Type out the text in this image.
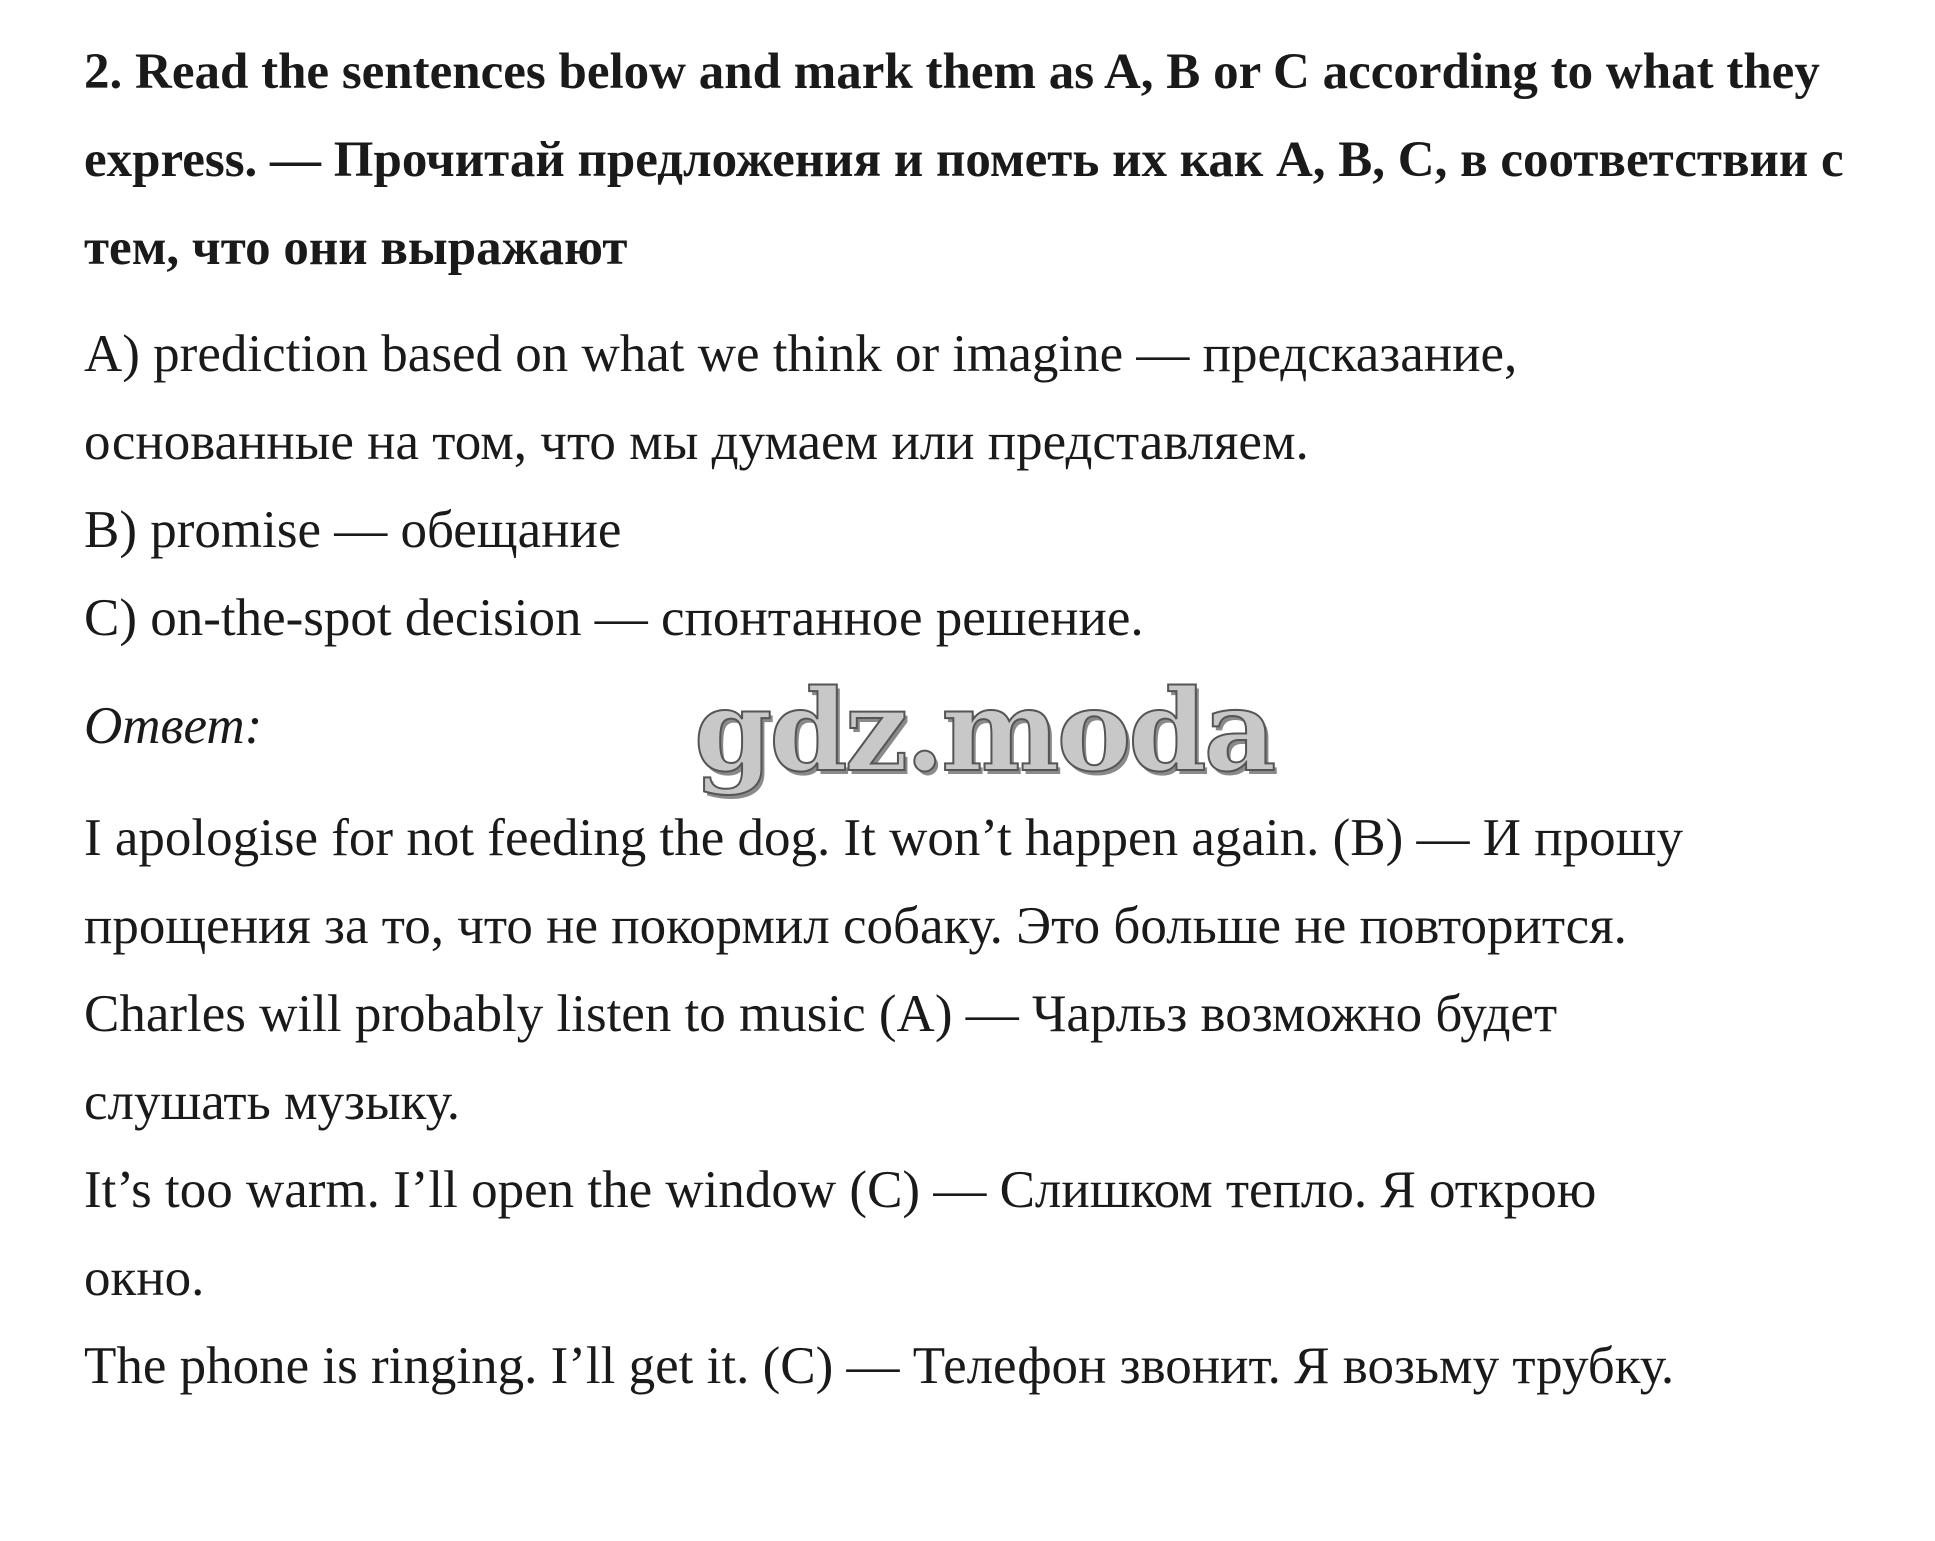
2. Read the sentences below and mark them as A, B or C according to what they express. — Прочитай предложения и пометь их как A, B, C, в соответствии с тем, что они выражают

A) prediction based on what we think or imagine — предсказание,
основанные на том, что мы думаем или представляем.
B) promise — обещание
C) on-the-spot decision — спонтанное решение.
Ответ:	gdz.moda
I apologise for not feeding the dog. It won’t happen again. (B) — И прошу
прощения за то, что не покормил собаку. Это больше не повторится.
Charles will probably listen to music (A) — Чарльз возможно будет
слушать музыку.
It’s too warm. I’ll open the window (C) — Слишком тепло. Я открою
окно.
The phone is ringing. I’ll get it. (C) — Телефон звонит. Я возьму трубку.
